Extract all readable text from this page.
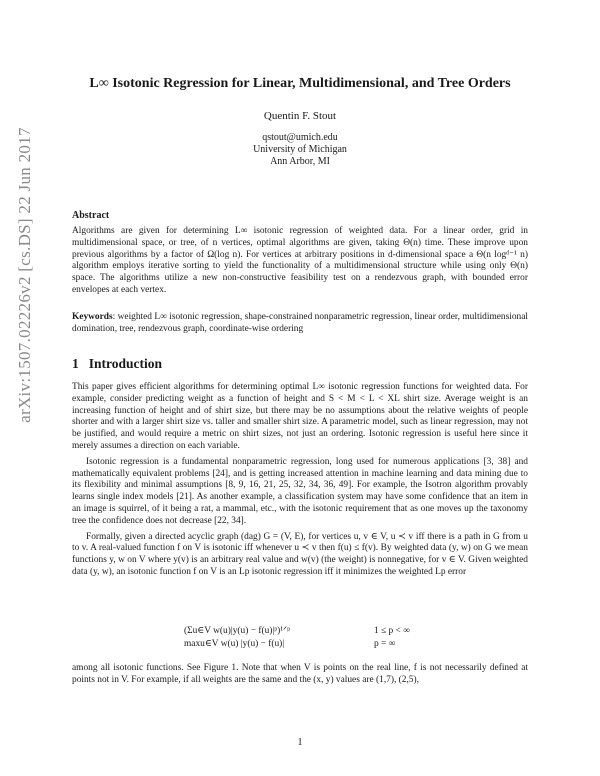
arXiv:1507.02226v2 [cs.DS] 22 Jun 2017
L∞ Isotonic Regression for Linear, Multidimensional, and Tree Orders
Quentin F. Stout
qstout@umich.edu
University of Michigan
Ann Arbor, MI
Abstract
Algorithms are given for determining L∞ isotonic regression of weighted data. For a linear order, grid in multidimensional space, or tree, of n vertices, optimal algorithms are given, taking Θ(n) time. These improve upon previous algorithms by a factor of Ω(log n). For vertices at arbitrary positions in d-dimensional space a Θ(n logᵈ⁻¹ n) algorithm employs iterative sorting to yield the functionality of a multidimensional structure while using only Θ(n) space. The algorithms utilize a new non-constructive feasibility test on a rendezvous graph, with bounded error envelopes at each vertex.
Keywords: weighted L∞ isotonic regression, shape-constrained nonparametric regression, linear order, multidimensional domination, tree, rendezvous graph, coordinate-wise ordering
1 Introduction

This paper gives efficient algorithms for determining optimal L∞ isotonic regression functions for weighted data. For example, consider predicting weight as a function of height and S < M < L < XL shirt size. Average weight is an increasing function of height and of shirt size, but there may be no assumptions about the relative weights of people shorter and with a larger shirt size vs. taller and smaller shirt size. A parametric model, such as linear regression, may not be justified, and would require a metric on shirt sizes, not just an ordering. Isotonic regression is useful here since it merely assumes a direction on each variable.

Isotonic regression is a fundamental nonparametric regression, long used for numerous applications [3, 38] and mathematically equivalent problems [24], and is getting increased attention in machine learning and data mining due to its flexibility and minimal assumptions [8, 9, 16, 21, 25, 32, 34, 36, 49]. For example, the Isotron algorithm provably learns single index models [21]. As another example, a classification system may have some confidence that an item in an image is squirrel, of it being a rat, a mammal, etc., with the isotonic requirement that as one moves up the taxonomy tree the confidence does not decrease [22, 34].

Formally, given a directed acyclic graph (dag) G = (V, E), for vertices u, v ∈ V, u ≺ v iff there is a path in G from u to v. A real-valued function f on V is isotonic iff whenever u ≺ v then f(u) ≤ f(v). By weighted data (y, w) on G we mean functions y, w on V where y(v) is an arbitrary real value and w(v) (the weight) is nonnegative, for v ∈ V. Given weighted data (y, w), an isotonic function f on V is an Lp isotonic regression iff it minimizes the weighted Lp error

(Σu∈V w(u)|y(u) − f(u)|ᵖ)¹ᐟᵖ	1 ≤ p < ∞
maxu∈V w(u) |y(u) − f(u)|	p = ∞
among all isotonic functions. See Figure 1. Note that when V is points on the real line, f is not necessarily defined at points not in V. For example, if all weights are the same and the (x, y) values are (1,7), (2,5),
1
